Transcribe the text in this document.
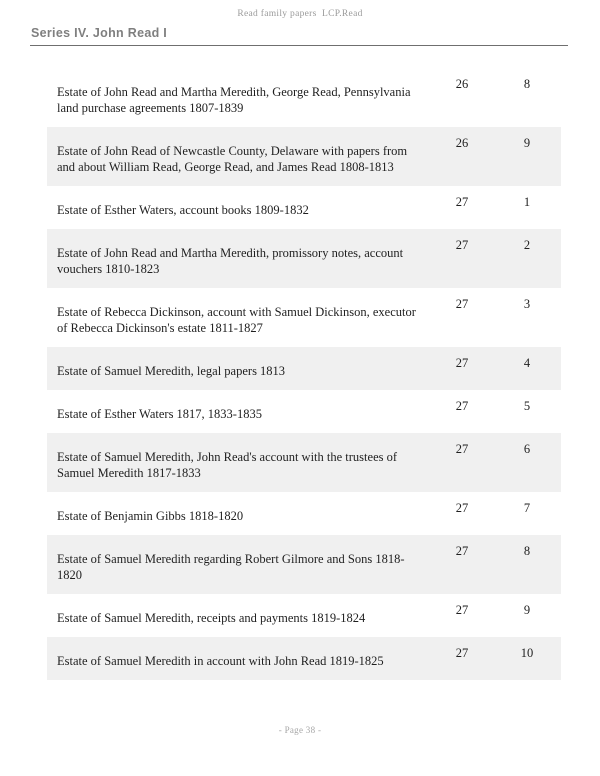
Read family papers  LCP.Read
Series IV. John Read I
Estate of John Read and Martha Meredith, George Read, Pennsylvania land purchase agreements 1807-1839
26	8
Estate of John Read of Newcastle County, Delaware with papers from and about William Read, George Read, and James Read 1808-1813
26	9
Estate of Esther Waters, account books 1809-1832
27	1
Estate of John Read and Martha Meredith, promissory notes, account vouchers 1810-1823
27	2
Estate of Rebecca Dickinson, account with Samuel Dickinson, executor of Rebecca Dickinson's estate 1811-1827
27	3
Estate of Samuel Meredith, legal papers 1813
27	4
Estate of Esther Waters 1817, 1833-1835
27	5
Estate of Samuel Meredith, John Read's account with the trustees of Samuel Meredith 1817-1833
27	6
Estate of Benjamin Gibbs 1818-1820
27	7
Estate of Samuel Meredith regarding Robert Gilmore and Sons 1818-1820
27	8
Estate of Samuel Meredith, receipts and payments 1819-1824
27	9
Estate of Samuel Meredith in account with John Read 1819-1825
27	10
- Page 38 -
